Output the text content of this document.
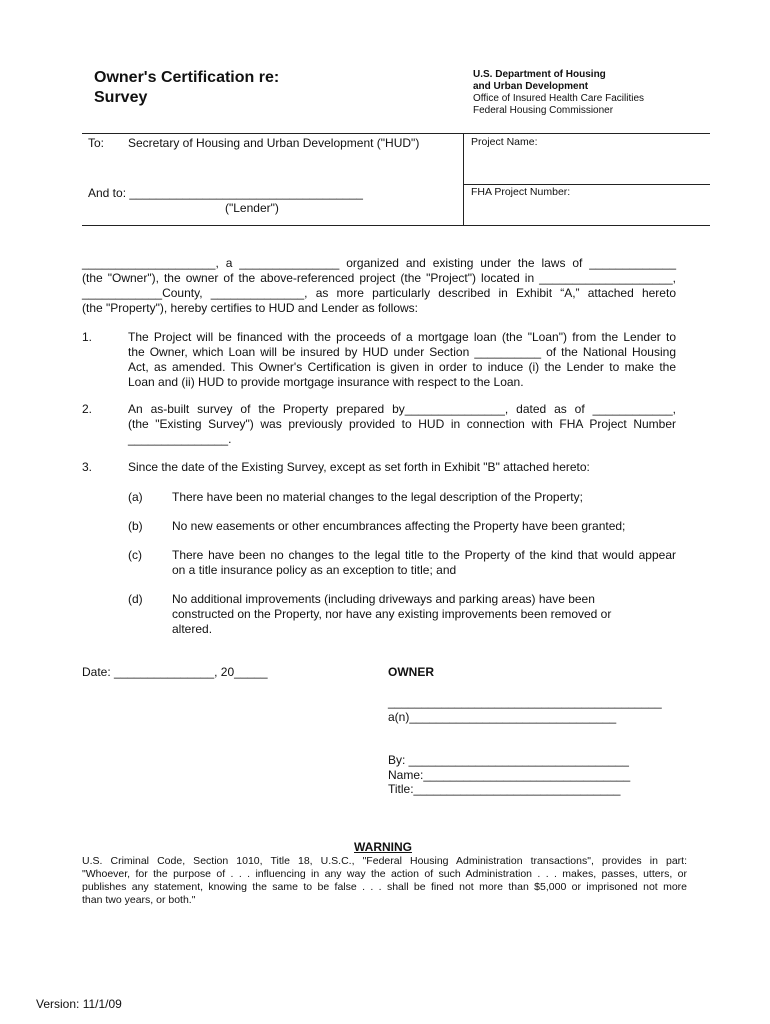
Owner's Certification re:
Survey
U.S. Department of Housing
and Urban Development
Office of Insured Health Care Facilities
Federal Housing Commissioner
To: Secretary of Housing and Urban Development ("HUD")
And to: ___________________________________
("Lender")
Project Name:
FHA Project Number:
____________________, a _______________ organized and existing under the laws of _____________
(the "Owner"), the owner of the above-referenced project (the "Project") located in ____________________,
____________County, ______________, as more particularly described in Exhibit “A,” attached hereto
(the "Property"), hereby certifies to HUD and Lender as follows:
1.	The Project will be financed with the proceeds of a mortgage loan (the "Loan") from the Lender to
the Owner, which Loan will be insured by HUD under Section __________ of the National Housing
Act, as amended. This Owner's Certification is given in order to induce (i) the Lender to make the
Loan and (ii) HUD to provide mortgage insurance with respect to the Loan.
2.	An as-built survey of the Property prepared by_______________, dated as of ____________,
(the "Existing Survey") was previously provided to HUD in connection with FHA Project Number
_______________.
3.	Since the date of the Existing Survey, except as set forth in Exhibit "B" attached hereto:
(a) There have been no material changes to the legal description of the Property;
(b) No new easements or other encumbrances affecting the Property have been granted;
(c)	There have been no changes to the legal title to the Property of the kind that would appear
on a title insurance policy as an exception to title; and
(d) No additional improvements (including driveways and parking areas) have been
constructed on the Property, nor have any existing improvements been removed or
altered.
Date: _______________, 20_____	OWNER
_________________________________________
a(n)_______________________________
By: _________________________________
Name:_______________________________
Title:_______________________________
WARNING
U.S. Criminal Code, Section 1010, Title 18, U.S.C., "Federal Housing Administration transactions", provides in part:
"Whoever, for the purpose of . . . influencing in any way the action of such Administration . . . makes, passes, utters, or
publishes any statement, knowing the same to be false . . . shall be fined not more than $5,000 or imprisoned not more
than two years, or both."
Version: 11/1/09
